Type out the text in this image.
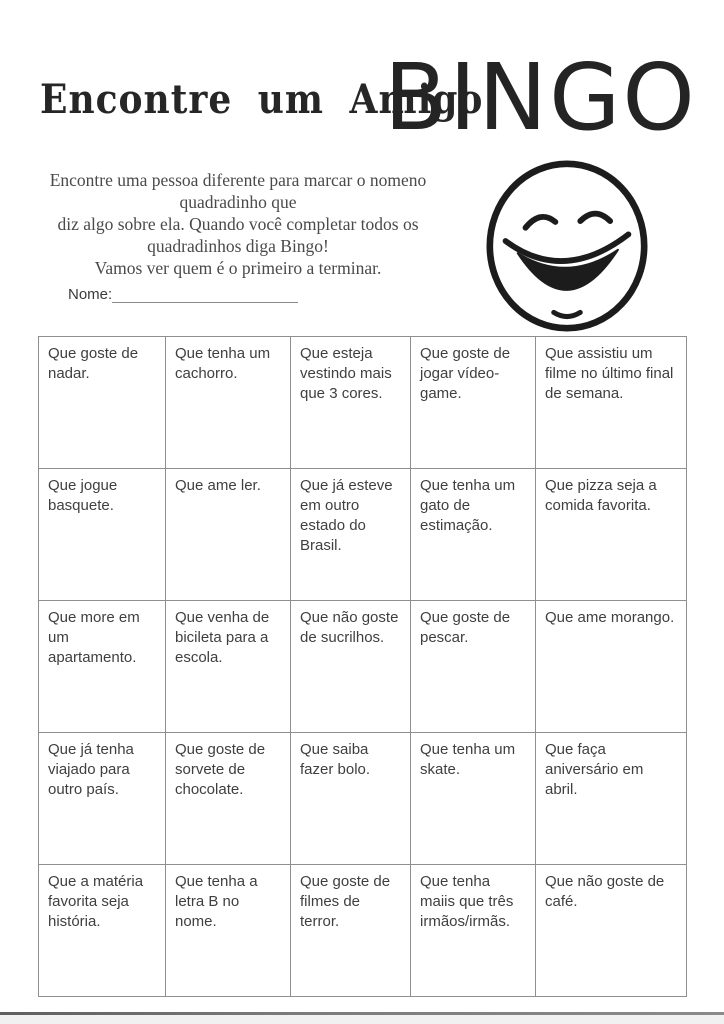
Encontre um Amigo
BINGO
Encontre uma pessoa diferente para marcar o nomeno quadradinho que
diz algo sobre ela. Quando você completar todos os quadradinhos diga Bingo!
Vamos ver quem é o primeiro a terminar.
Nome:
Que goste de nadar.	Que tenha um cachorro.	Que esteja vestindo mais que 3 cores.	Que goste de jogar vídeo-game.	Que assistiu um filme no último final de semana.
Que jogue basquete.	Que ame ler.	Que já esteve em outro estado do Brasil.	Que tenha um gato de estimação.	Que pizza seja a comida favorita.
Que more em um apartamento.	Que venha de bicileta para a escola.	Que não goste de sucrilhos.	Que goste de pescar.	Que ame morango.
Que já tenha viajado para outro país.	Que goste de sorvete de chocolate.	Que saiba fazer bolo.	Que tenha um skate.	Que faça aniversário em abril.
Que a matéria favorita seja história.	Que tenha a letra B no nome.	Que goste de filmes de terror.	Que tenha maiis que três irmãos/irmãs.	Que não goste de café.
